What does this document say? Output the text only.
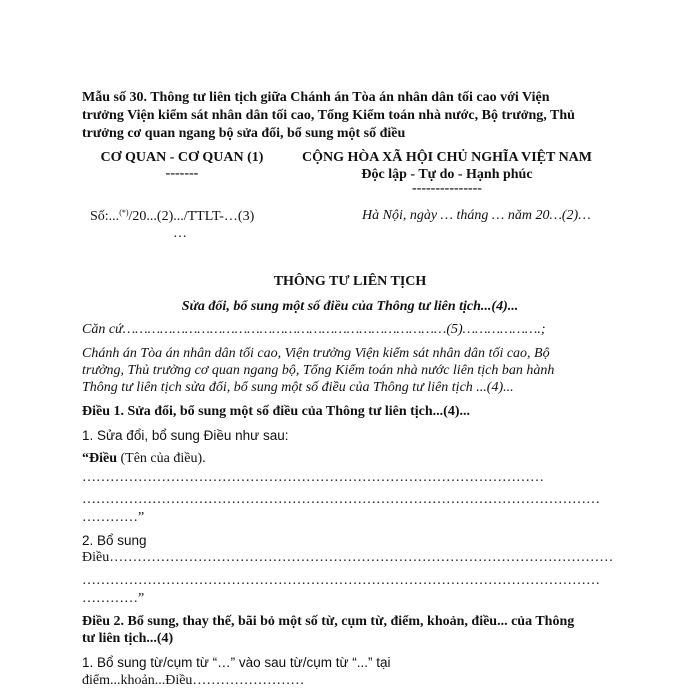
Mẫu số 30. Thông tư liên tịch giữa Chánh án Tòa án nhân dân tối cao với Viện
trưởng Viện kiểm sát nhân dân tối cao, Tổng Kiểm toán nhà nước, Bộ trưởng, Thủ
trưởng cơ quan ngang bộ sửa đổi, bổ sung một số điều
CƠ QUAN - CƠ QUAN (1)
-------
CỘNG HÒA XÃ HỘI CHỦ NGHĨA VIỆT NAM
Độc lập - Tự do - Hạnh phúc
---------------
Số:...(*)/20...(2).../TTLT-…(3)
…
Hà Nội, ngày … tháng … năm 20…(2)…
THÔNG TƯ LIÊN TỊCH
Sửa đổi, bổ sung một số điều của Thông tư liên tịch...(4)...
Căn cứ……………………………………………………………………(5)……………….;
Chánh án Tòa án nhân dân tối cao, Viện trưởng Viện kiểm sát nhân dân tối cao, Bộ
trưởng, Thủ trưởng cơ quan ngang bộ, Tổng Kiểm toán nhà nước liên tịch ban hành
Thông tư liên tịch sửa đổi, bổ sung một số điều của Thông tư liên tịch ...(4)...
Điều 1. Sửa đổi, bổ sung một số điều của Thông tư liên tịch...(4)...
1. Sửa đổi, bổ sung Điều như sau:
“Điều (Tên của điều).
………………………………………………………………………………………
…………………………………………………………………………………………………
…………”
2. Bổ sung
Điều………………………………………………………………………………………………
…………………………………………………………………………………………………
…………”
Điều 2. Bổ sung, thay thế, bãi bỏ một số từ, cụm từ, điểm, khoản, điều... của Thông
tư liên tịch...(4)
1. Bổ sung từ/cụm từ “…” vào sau từ/cụm từ “...” tại
điểm...khoản...Điều……………………
